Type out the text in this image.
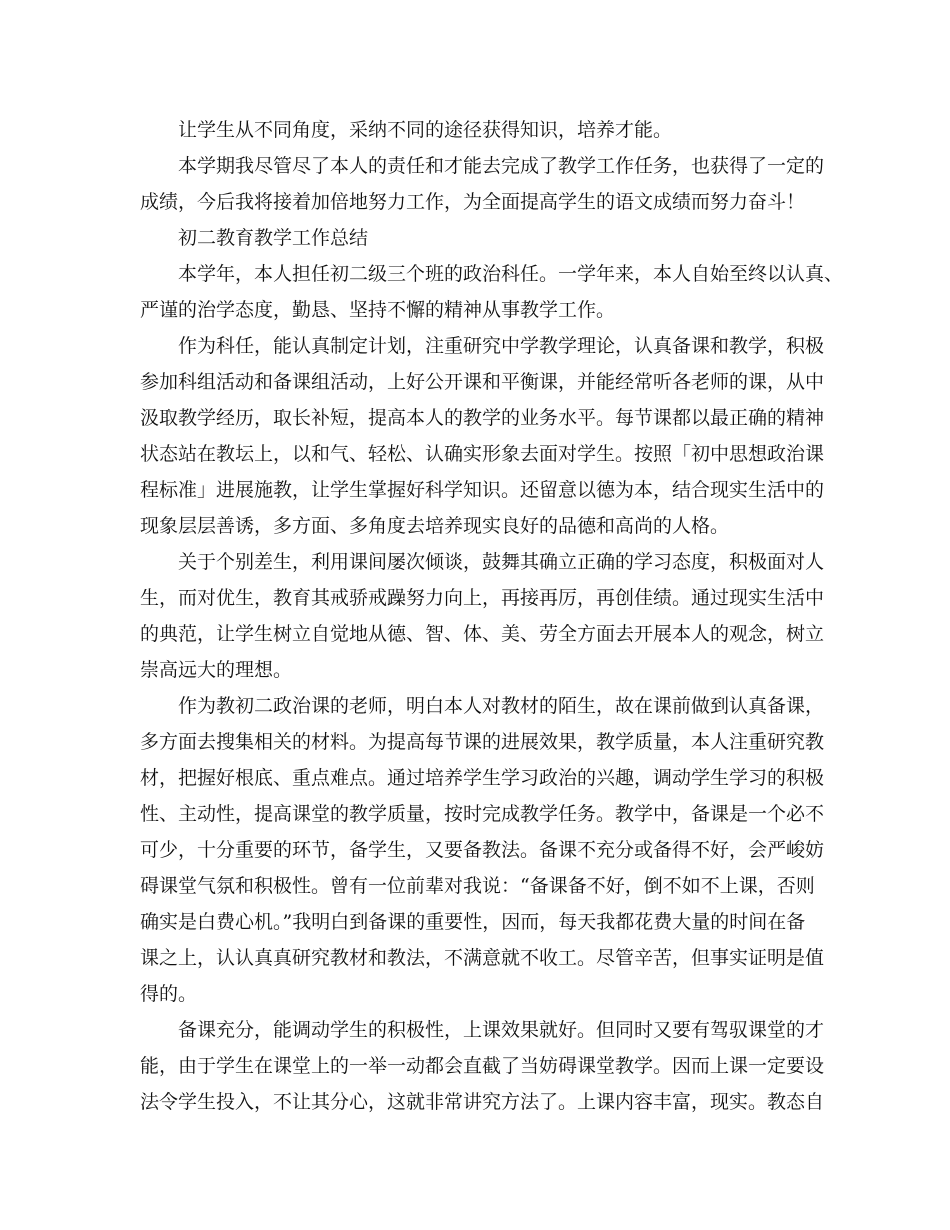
让学生从不同角度，采纳不同的途径获得知识，培养才能。
本学期我尽管尽了本人的责任和才能去完成了教学工作任务，也获得了一定的
成绩，今后我将接着加倍地努力工作，为全面提高学生的语文成绩而努力奋斗！
初二教育教学工作总结
本学年，本人担任初二级三个班的政治科任。一学年来，本人自始至终以认真、
严谨的治学态度，勤恳、坚持不懈的精神从事教学工作。
作为科任，能认真制定计划，注重研究中学教学理论，认真备课和教学，积极
参加科组活动和备课组活动，上好公开课和平衡课，并能经常听各老师的课，从中
汲取教学经历，取长补短，提高本人的教学的业务水平。每节课都以最正确的精神
状态站在教坛上，以和气、轻松、认确实形象去面对学生。按照「初中思想政治课
程标准」进展施教，让学生掌握好科学知识。还留意以德为本，结合现实生活中的
现象层层善诱，多方面、多角度去培养现实良好的品德和高尚的人格。
关于个别差生，利用课间屡次倾谈，鼓舞其确立正确的学习态度，积极面对人
生，而对优生，教育其戒骄戒躁努力向上，再接再厉，再创佳绩。通过现实生活中
的典范，让学生树立自觉地从德、智、体、美、劳全方面去开展本人的观念，树立
崇高远大的理想。
作为教初二政治课的老师，明白本人对教材的陌生，故在课前做到认真备课，
多方面去搜集相关的材料。为提高每节课的进展效果，教学质量，本人注重研究教
材，把握好根底、重点难点。通过培养学生学习政治的兴趣，调动学生学习的积极
性、主动性，提高课堂的教学质量，按时完成教学任务。教学中，备课是一个必不
可少，十分重要的环节，备学生，又要备教法。备课不充分或备得不好，会严峻妨
碍课堂气氛和积极性。曾有一位前辈对我说：“备课备不好，倒不如不上课，否则
确实是白费心机。”我明白到备课的重要性，因而，每天我都花费大量的时间在备
课之上，认认真真研究教材和教法，不满意就不收工。尽管辛苦，但事实证明是值
得的。
备课充分，能调动学生的积极性，上课效果就好。但同时又要有驾驭课堂的才
能，由于学生在课堂上的一举一动都会直截了当妨碍课堂教学。因而上课一定要设
法令学生投入，不让其分心，这就非常讲究方法了。上课内容丰富，现实。教态自
